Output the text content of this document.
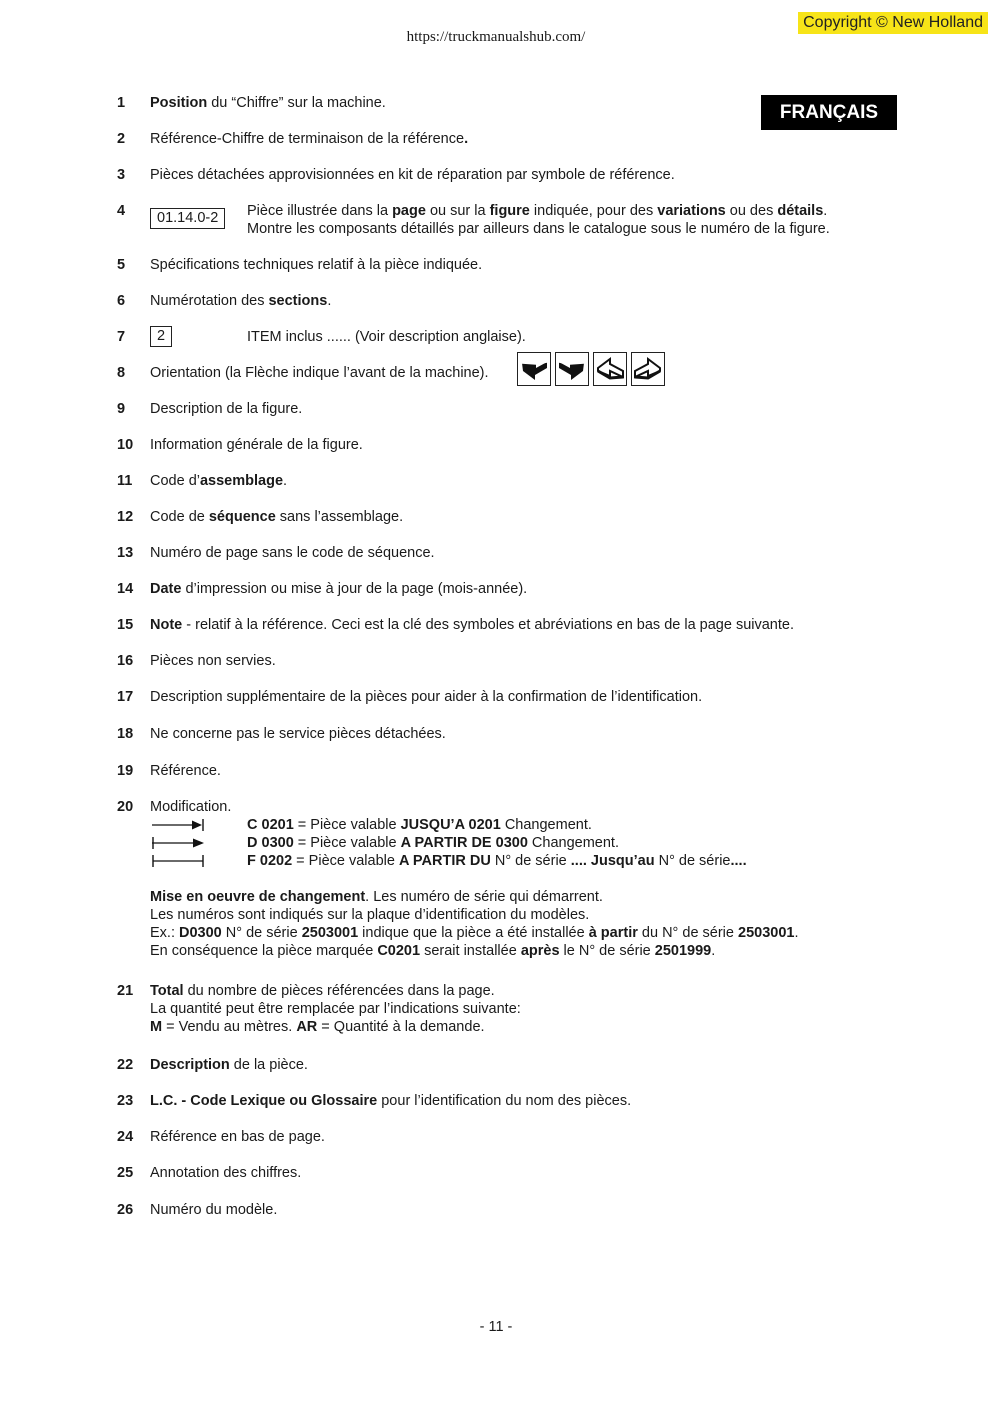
https://truckmanualshub.com/
Copyright © New Holland
FRANÇAIS
1 Position du “Chiffre” sur la machine.
2 Référence-Chiffre de terminaison de la référence.
3 Pièces détachées approvisionnées en kit de réparation par symbole de référence.
4	01.14.0-2	Pièce illustrée dans la page ou sur la figure indiquée, pour des variations ou des détails.
Montre les composants détaillés par ailleurs dans le catalogue sous le numéro de la figure.
5 Spécifications techniques relatif à la pièce indiquée.
6 Numérotation des sections.
7	2	ITEM inclus ...... (Voir description anglaise).
8 Orientation (la Flèche indique l’avant de la machine).
9 Description de la figure.
10 Information générale de la figure.
11 Code d’assemblage.
12 Code de séquence sans l’assemblage.
13 Numéro de page sans le code de séquence.
14 Date d’impression ou mise à jour de la page (mois-année).
15 Note - relatif à la référence. Ceci est la clé des symboles et abréviations en bas de la page suivante.
16 Pièces non servies.
17 Description supplémentaire de la pièces pour aider à la confirmation de l’identification.
18 Ne concerne pas le service pièces détachées.
19 Référence.
20 Modification.
C 0201 = Pièce valable JUSQU’A 0201 Changement.
D 0300 = Pièce valable A PARTIR DE 0300 Changement.
F 0202 = Pièce valable A PARTIR DU N° de série .... Jusqu’au N° de série....
Mise en oeuvre de changement. Les numéro de série qui démarrent.
Les numéros sont indiqués sur la plaque d’identification du modèles.
Ex.: D0300 N° de série 2503001 indique que la pièce a été installée à partir du N° de série 2503001.
En conséquence la pièce marquée C0201 serait installée après le N° de série 2501999.
21 Total du nombre de pièces référencées dans la page.
La quantité peut être remplacée par l’indications suivante:
M = Vendu au mètres. AR = Quantité à la demande.
22 Description de la pièce.
23 L.C. - Code Lexique ou Glossaire pour l’identification du nom des pièces.
24 Référence en bas de page.
25 Annotation des chiffres.
26 Numéro du modèle.
- 11 -
